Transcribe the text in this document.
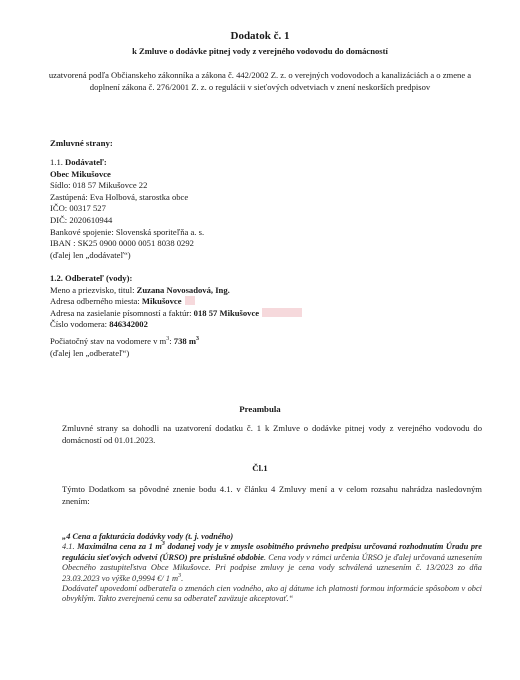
Dodatok č. 1
k Zmluve o dodávke pitnej vody z verejného vodovodu do domácností
uzatvorená podľa Občianskeho zákonníka a zákona č. 442/2002 Z. z. o verejných vodovodoch a kanalizáciách a o zmene a doplnení zákona č. 276/2001 Z. z. o regulácii v sieťových odvetviach v znení neskorších predpisov
Zmluvné strany:
1.1. Dodávateľ:
Obec Mikušovce
Sídlo: 018 57 Mikušovce 22
Zastúpená: Eva Holbová, starostka obce
IČO: 00317 527
DIČ: 2020610944
Bankové spojenie: Slovenská sporiteľňa a. s.
IBAN : SK25 0900 0000 0051 8038 0292
(ďalej len „dodávateľ“)
1.2. Odberateľ (vody):
Meno a priezvisko, titul: Zuzana Novosadová, Ing.
Adresa odberného miesta: Mikušovce
Adresa na zasielanie písomností a faktúr: 018 57 Mikušovce
Číslo vodomera: 846342002
Počiatočný stav na vodomere v $m^3$: 738 $m^3$
(ďalej len „odberateľ“)
Preambula
Zmluvné strany sa dohodli na uzatvorení dodatku č. 1 k Zmluve o dodávke pitnej vody z verejného vodovodu do domácností od 01.01.2023.
Čl.1
Týmto Dodatkom sa pôvodné znenie bodu 4.1. v článku 4 Zmluvy mení a v celom rozsahu nahrádza nasledovným znením:
„4 Cena a fakturácia dodávky vody (t. j. vodného)
4.1. Maximálna cena za 1 $m^3$ dodanej vody je v zmysle osobitného právneho predpisu určovaná rozhodnutím Úradu pre reguláciu sieťových odvetví (ÚRSO) pre príslušné obdobie. Cena vody v rámci určenia ÚRSO je ďalej určovaná uznesením Obecného zastupiteľstva Obce Mikušovce. Pri podpise zmluvy je cena vody schválená uznesením č. 13/2023 zo dňa 23.03.2023 vo výške 0,9994 €/ 1 $m^3$.
Dodávateľ upovedomí odberateľa o zmenách cien vodného, ako aj dátume ich platnosti formou informácie spôsobom v obci obvyklým. Takto zverejnenú cenu sa odberateľ zaväzuje akceptovať.“
